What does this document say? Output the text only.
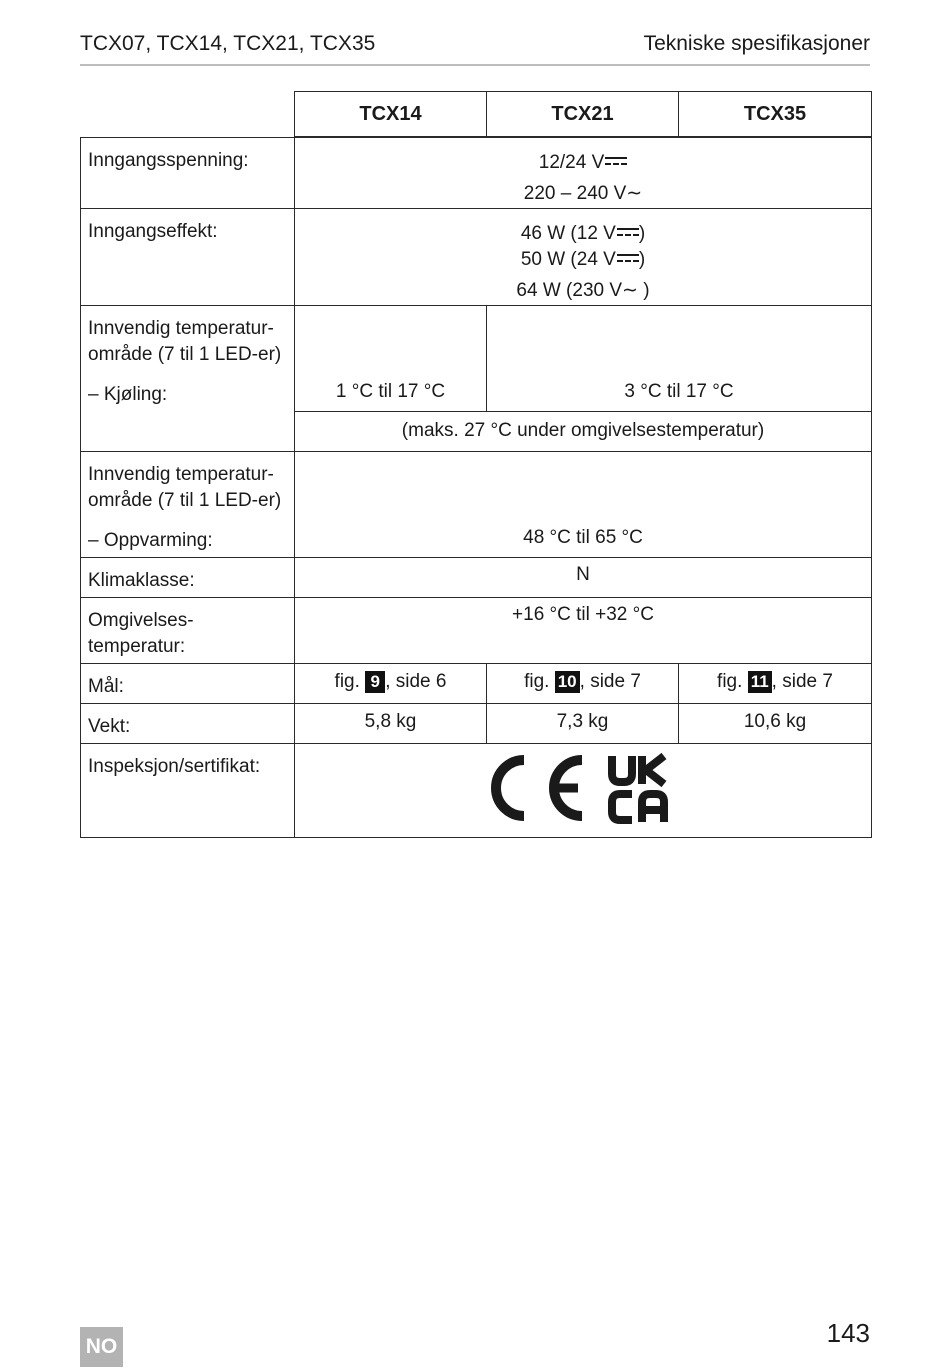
TCX07, TCX14, TCX21, TCX35	Tekniske spesifikasjoner
	TCX14	TCX21	TCX35
Inngangsspenning:	12/24 V
220 – 240 V∼		

Inngangseffekt:	46 W (12 V )
50 W (24 V )
64 W (230 V∼ )		

Innvendig temperatur-
område (7 til 1 LED-er)
– Kjøling:	1 °C til 17 °C	3 °C til 17 °C	
	(maks. 27 °C under omgivelsestemperatur)		

Innvendig temperatur-
område (7 til 1 LED-er)
– Oppvarming:	48 °C til 65 °C		
Klimaklasse:	N		

Omgivelses-
temperatur:	+16 °C til +32 °C		
Mål:	fig. 9 , side 6	fig. 10 , side 7	fig. 11 , side 7
Vekt:	5,8 kg	7,3 kg	10,6 kg
Inspeksjon/sertifikat:	
NO	143
